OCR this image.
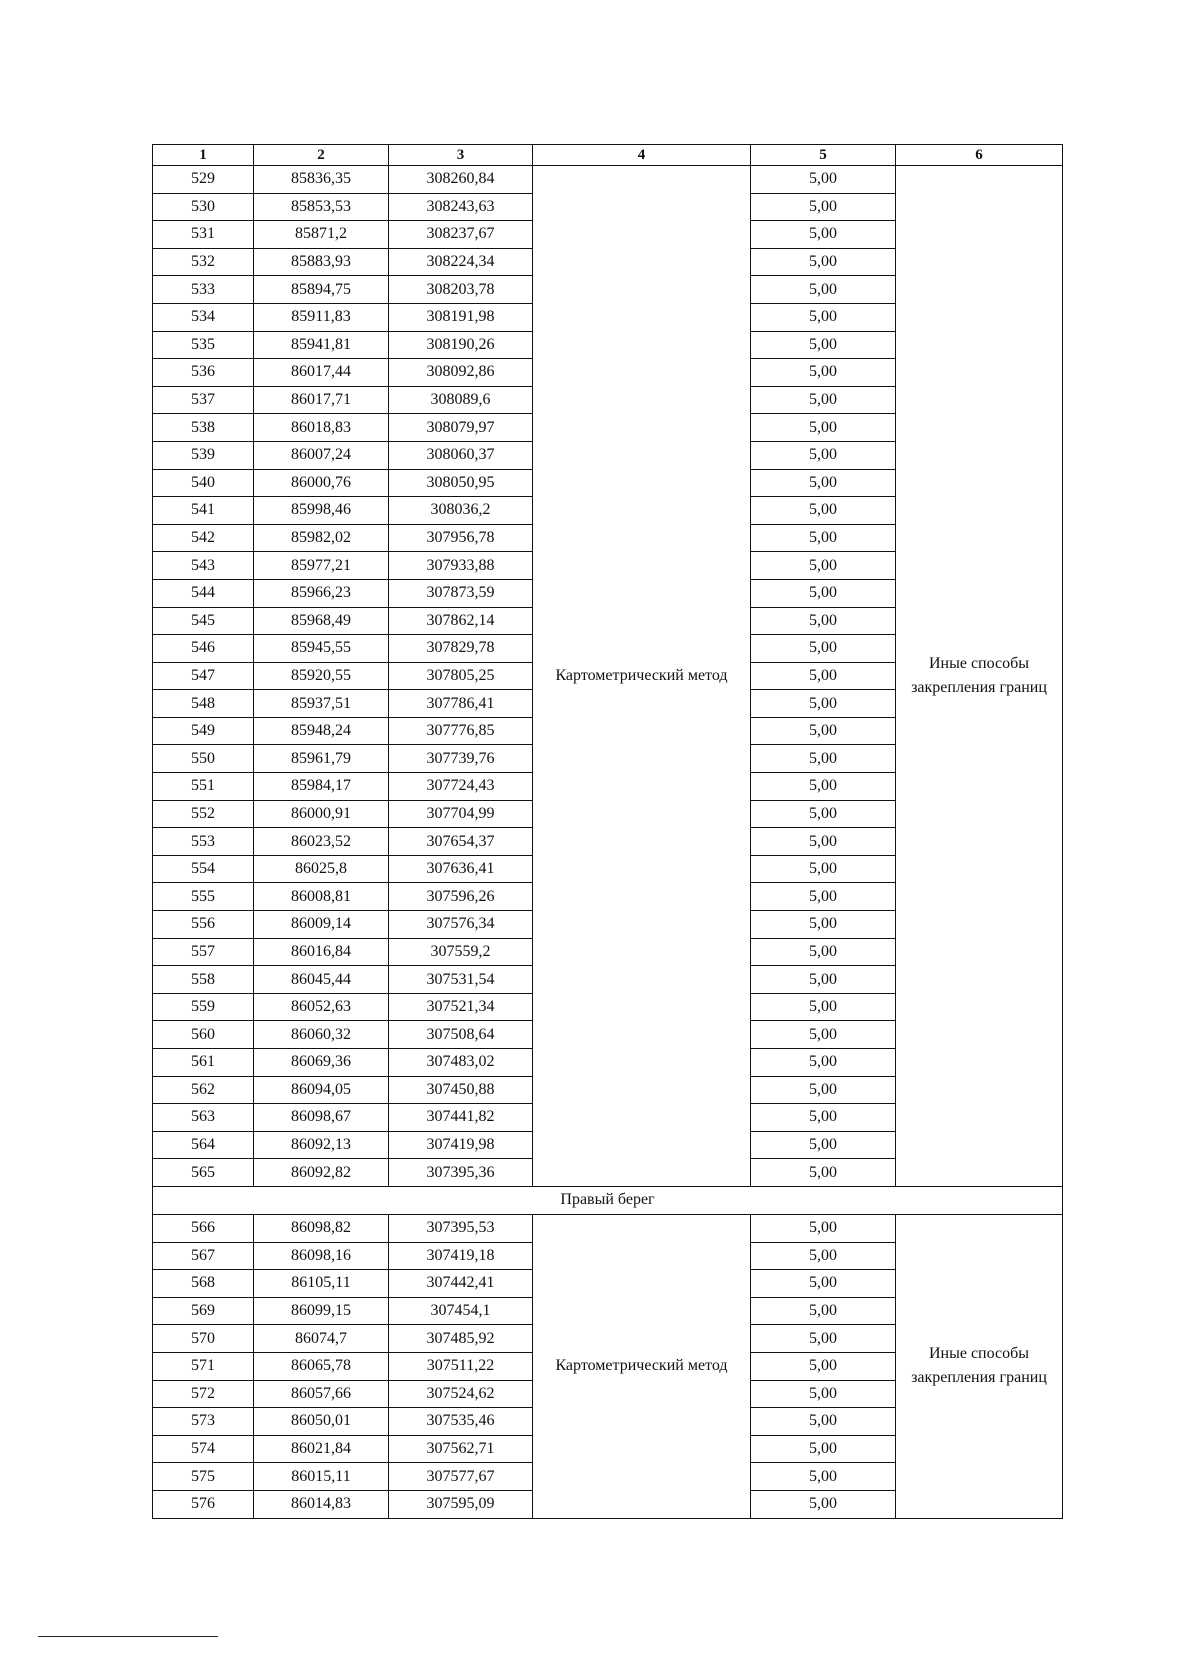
1	2	3	4	5	6
529	85836,35	308260,84	Картометрический метод	5,00	Иные способы закрепления границ
530	85853,53	308243,63		5,00	
531	85871,2	308237,67		5,00	
532	85883,93	308224,34		5,00	
533	85894,75	308203,78		5,00	
534	85911,83	308191,98		5,00	
535	85941,81	308190,26		5,00	
536	86017,44	308092,86		5,00	
537	86017,71	308089,6		5,00	
538	86018,83	308079,97		5,00	
539	86007,24	308060,37		5,00	
540	86000,76	308050,95		5,00	
541	85998,46	308036,2		5,00	
542	85982,02	307956,78		5,00	
543	85977,21	307933,88		5,00	
544	85966,23	307873,59		5,00	
545	85968,49	307862,14		5,00	
546	85945,55	307829,78		5,00	
547	85920,55	307805,25		5,00	
548	85937,51	307786,41		5,00	
549	85948,24	307776,85		5,00	
550	85961,79	307739,76		5,00	
551	85984,17	307724,43		5,00	
552	86000,91	307704,99		5,00	
553	86023,52	307654,37		5,00	
554	86025,8	307636,41		5,00	
555	86008,81	307596,26		5,00	
556	86009,14	307576,34		5,00	
557	86016,84	307559,2		5,00	
558	86045,44	307531,54		5,00	
559	86052,63	307521,34		5,00	
560	86060,32	307508,64		5,00	
561	86069,36	307483,02		5,00	
562	86094,05	307450,88		5,00	
563	86098,67	307441,82		5,00	
564	86092,13	307419,98		5,00	
565	86092,82	307395,36		5,00	
Правый берег					
566	86098,82	307395,53	Картометрический метод	5,00	Иные способы закрепления границ
567	86098,16	307419,18		5,00	
568	86105,11	307442,41		5,00	
569	86099,15	307454,1		5,00	
570	86074,7	307485,92		5,00	
571	86065,78	307511,22		5,00	
572	86057,66	307524,62		5,00	
573	86050,01	307535,46		5,00	
574	86021,84	307562,71		5,00	
575	86015,11	307577,67		5,00	
576	86014,83	307595,09		5,00	
